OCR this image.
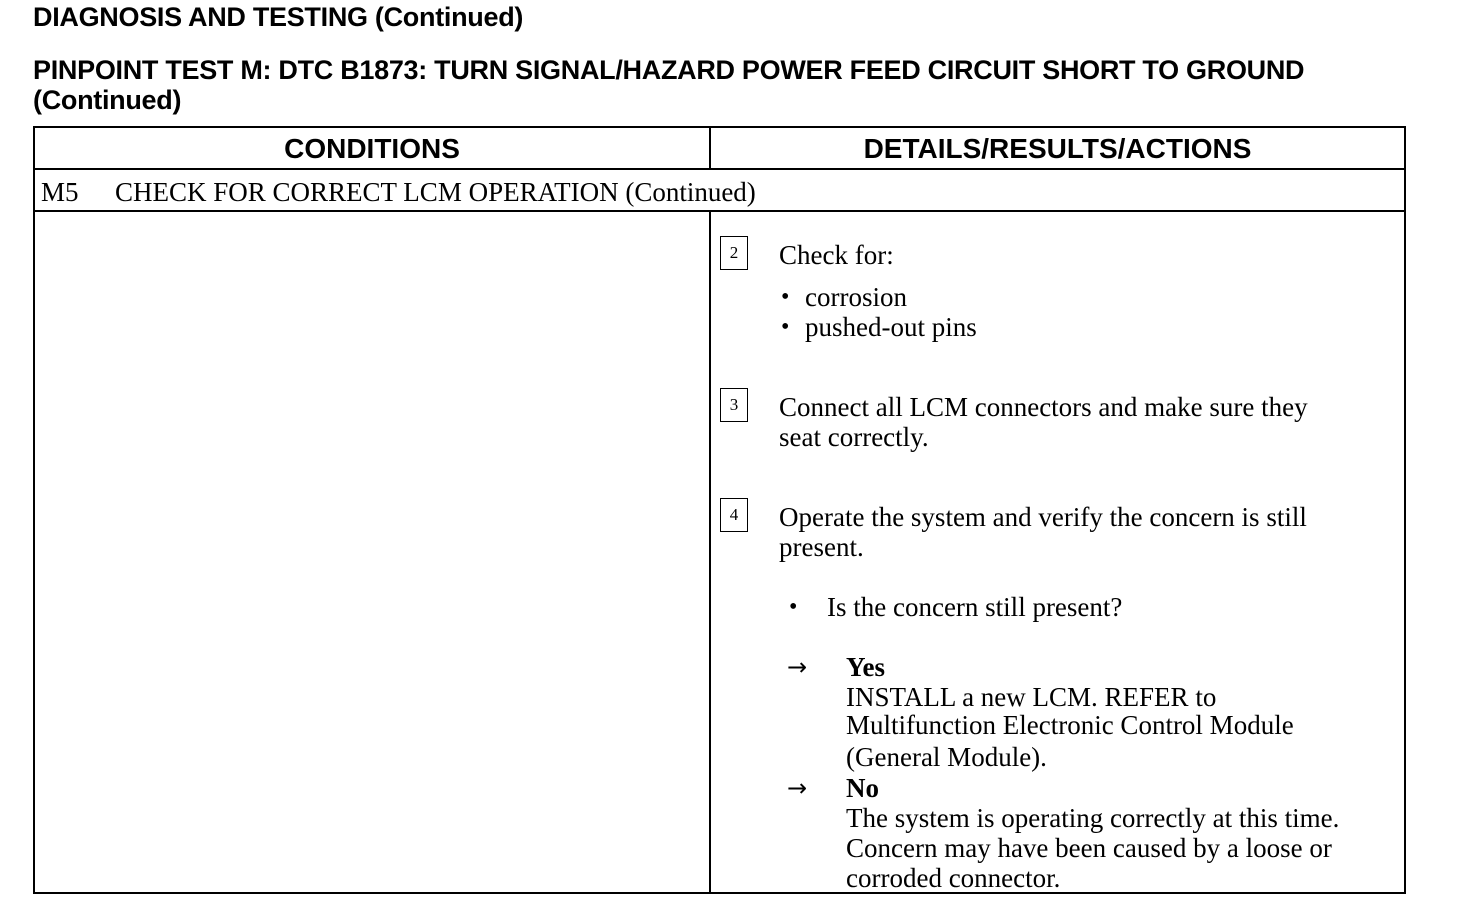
DIAGNOSIS AND TESTING (Continued)
PINPOINT TEST M: DTC B1873: TURN SIGNAL/HAZARD POWER FEED CIRCUIT SHORT TO GROUND (Continued)
CONDITIONS	DETAILS/RESULTS/ACTIONS
M5 CHECK FOR CORRECT LCM OPERATION (Continued)
2	Check for:
• corrosion
• pushed-out pins
3	Connect all LCM connectors and make sure they
seat correctly.
4	Operate the system and verify the concern is still
present.
• Is the concern still present?
→ Yes
INSTALL a new LCM. REFER to
Multifunction Electronic Control Module
(General Module).
→ No
The system is operating correctly at this time.
Concern may have been caused by a loose or
corroded connector.
